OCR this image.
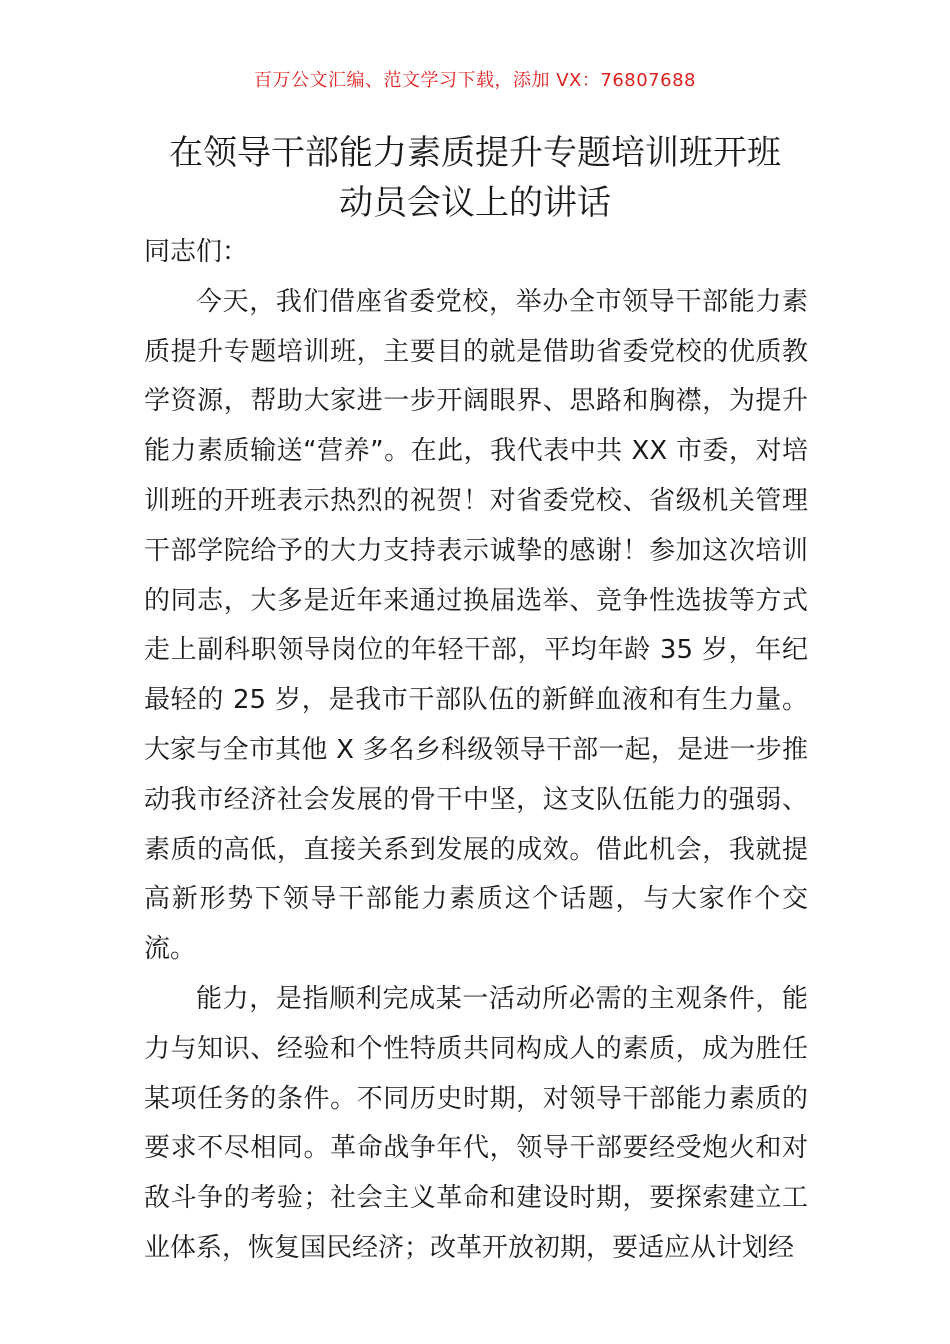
百万公文汇编、范文学习下载，添加 VX：76807688
在领导干部能力素质提升专题培训班开班
动员会议上的讲话

同志们：

今天，我们借座省委党校，举办全市领导干部能力素质提升专题培训班，主要目的就是借助省委党校的优质教学资源，帮助大家进一步开阔眼界、思路和胸襟，为提升能力素质输送“营养”。在此，我代表中共 XX 市委，对培训班的开班表示热烈的祝贺！对省委党校、省级机关管理干部学院给予的大力支持表示诚挚的感谢！参加这次培训的同志，大多是近年来通过换届选举、竞争性选拔等方式走上副科职领导岗位的年轻干部，平均年龄 35 岁，年纪最轻的 25 岁，是我市干部队伍的新鲜血液和有生力量。大家与全市其他 X 多名乡科级领导干部一起，是进一步推动我市经济社会发展的骨干中坚，这支队伍能力的强弱、素质的高低，直接关系到发展的成效。借此机会，我就提高新形势下领导干部能力素质这个话题，与大家作个交流。

能力，是指顺利完成某一活动所必需的主观条件，能力与知识、经验和个性特质共同构成人的素质，成为胜任某项任务的条件。不同历史时期，对领导干部能力素质的要求不尽相同。革命战争年代，领导干部要经受炮火和对敌斗争的考验；社会主义革命和建设时期，要探索建立工业体系，恢复国民经济；改革开放初期，要适应从计划经
